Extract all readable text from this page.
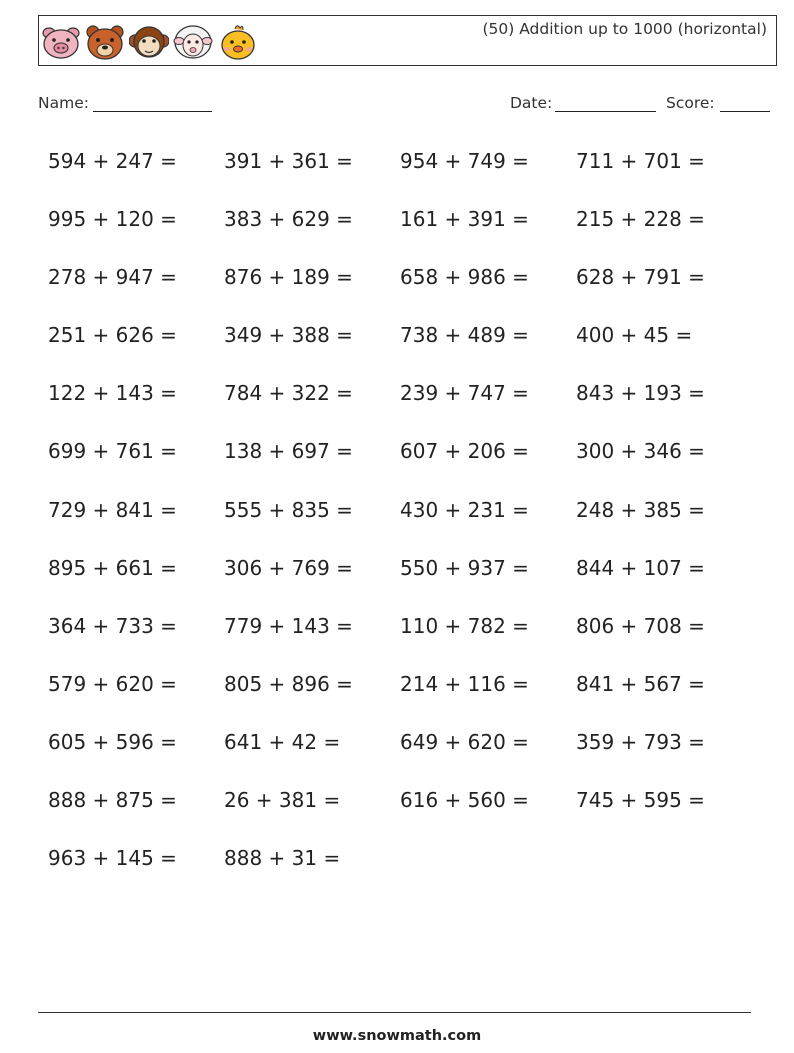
(50) Addition up to 1000 (horizontal)
Name:	Date:	Score:
594 + 247 =	391 + 361 =	954 + 749 =	711 + 701 =
995 + 120 =	383 + 629 =	161 + 391 =	215 + 228 =
278 + 947 =	876 + 189 =	658 + 986 =	628 + 791 =
251 + 626 =	349 + 388 =	738 + 489 =	400 + 45 =
122 + 143 =	784 + 322 =	239 + 747 =	843 + 193 =
699 + 761 =	138 + 697 =	607 + 206 =	300 + 346 =
729 + 841 =	555 + 835 =	430 + 231 =	248 + 385 =
895 + 661 =	306 + 769 =	550 + 937 =	844 + 107 =
364 + 733 =	779 + 143 =	110 + 782 =	806 + 708 =
579 + 620 =	805 + 896 =	214 + 116 =	841 + 567 =
605 + 596 =	641 + 42 =	649 + 620 =	359 + 793 =
888 + 875 =	26 + 381 =	616 + 560 =	745 + 595 =
963 + 145 =	888 + 31 =
www.snowmath.com
